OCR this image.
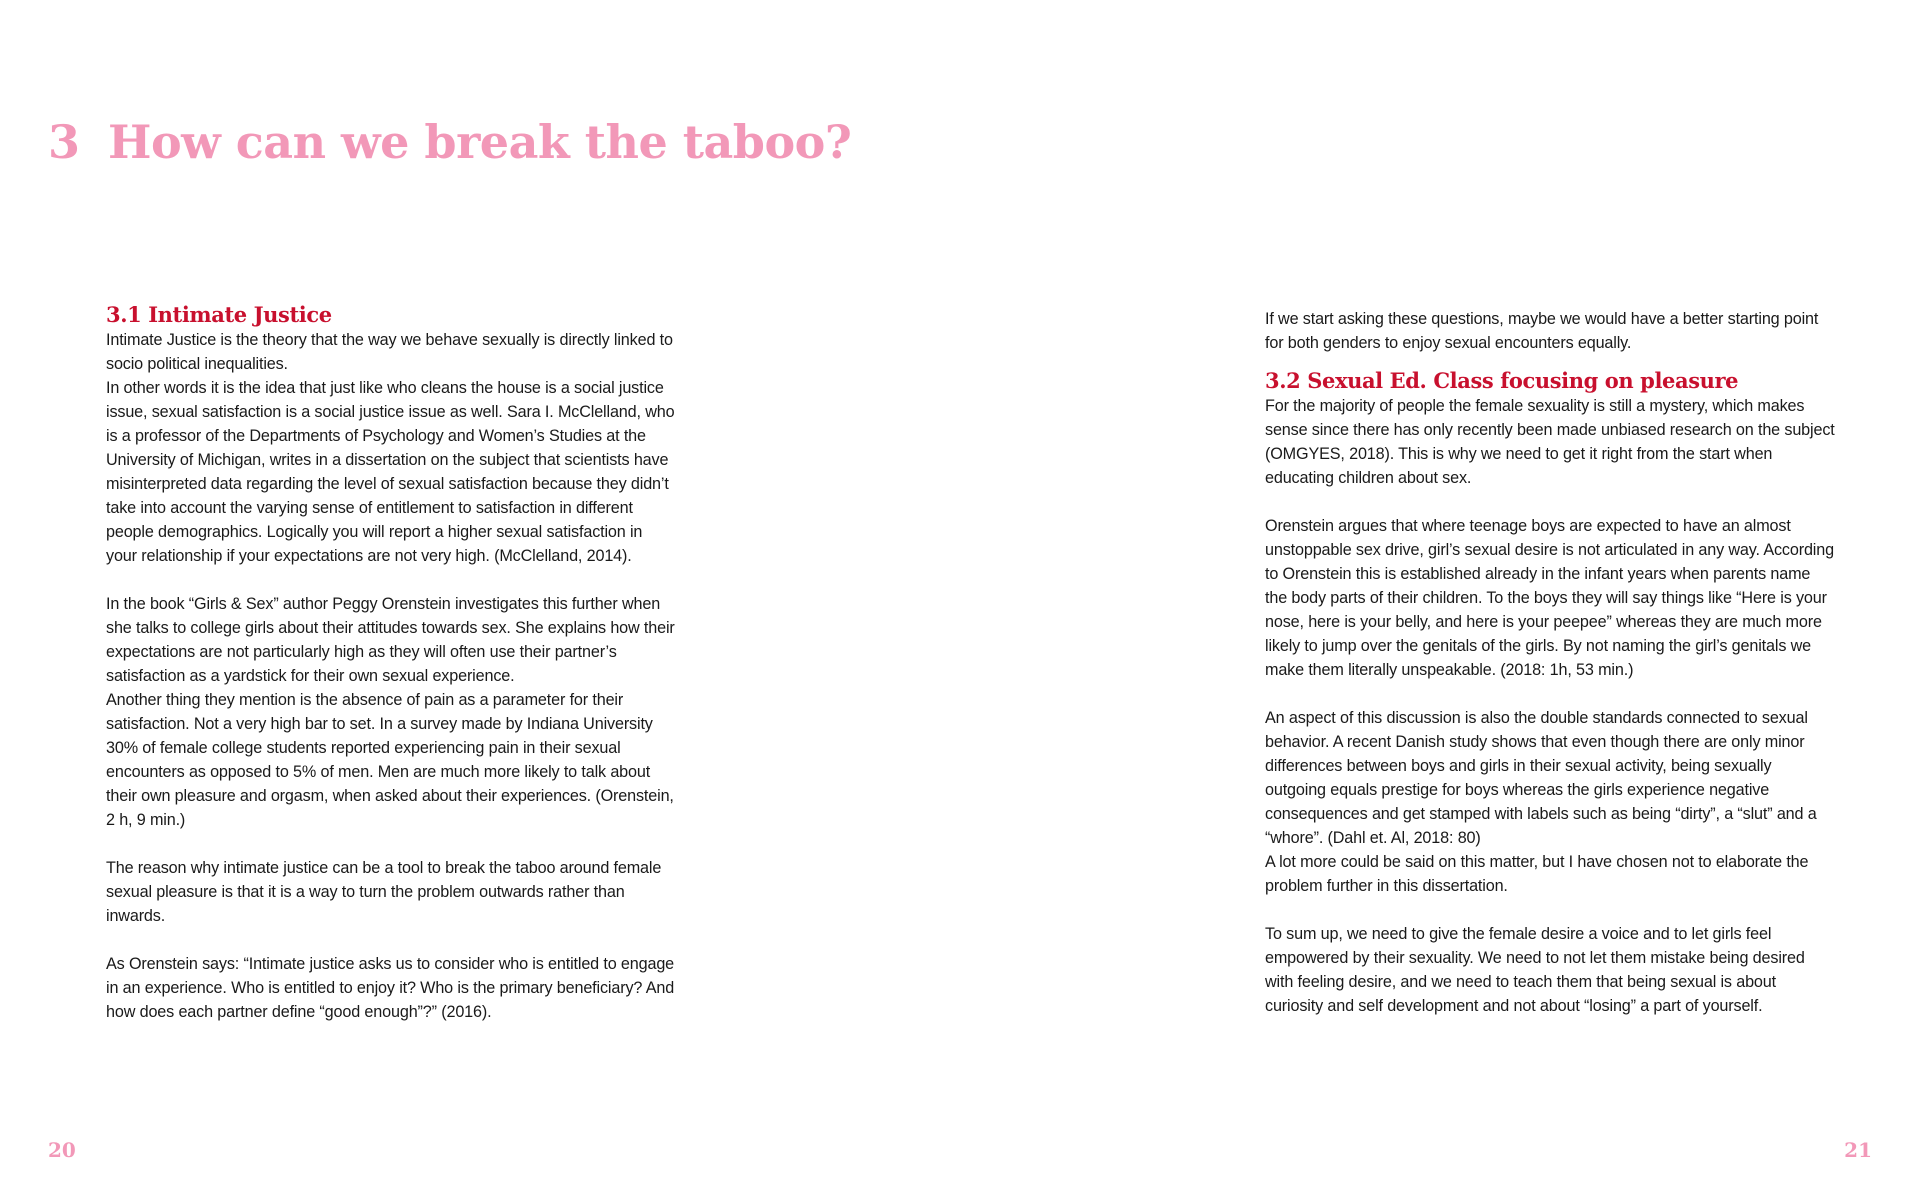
3 How can we break the taboo?
3.1 Intimate Justice

Intimate Justice is the theory that the way we behave sexually is directly linked to socio political inequalities.

In other words it is the idea that just like who cleans the house is a social justice issue, sexual satisfaction is a social justice issue as well. Sara I. McClelland, who is a professor of the Departments of Psychology and Women’s Studies at the University of Michigan, writes in a dissertation on the subject that scientists have misinterpreted data regarding the level of sexual satisfaction because they didn’t take into account the varying sense of entitlement to satisfaction in different people demographics. Logically you will report a higher sexual satisfaction in your relationship if your expectations are not very high. (McClelland, 2014).

In the book “Girls & Sex” author Peggy Orenstein investigates this further when she talks to college girls about their attitudes towards sex. She explains how their expectations are not particularly high as they will often use their partner’s satisfaction as a yardstick for their own sexual experience.

Another thing they mention is the absence of pain as a parameter for their satisfaction. Not a very high bar to set. In a survey made by Indiana University 30% of female college students reported experiencing pain in their sexual encounters as opposed to 5% of men. Men are much more likely to talk about their own pleasure and orgasm, when asked about their experiences. (Orenstein, 2 h, 9 min.)

The reason why intimate justice can be a tool to break the taboo around female sexual pleasure is that it is a way to turn the problem outwards rather than inwards.

As Orenstein says: “Intimate justice asks us to consider who is entitled to engage in an experience. Who is entitled to enjoy it? Who is the primary beneficiary? And how does each partner define “good enough”?” (2016).

If we start asking these questions, maybe we would have a better starting point for both genders to enjoy sexual encounters equally.

3.2 Sexual Ed. Class focusing on pleasure

For the majority of people the female sexuality is still a mystery, which makes sense since there has only recently been made unbiased research on the subject (OMGYES, 2018). This is why we need to get it right from the start when educating children about sex.

Orenstein argues that where teenage boys are expected to have an almost unstoppable sex drive, girl’s sexual desire is not articulated in any way. According to Orenstein this is established already in the infant years when parents name the body parts of their children. To the boys they will say things like “Here is your nose, here is your belly, and here is your peepee” whereas they are much more likely to jump over the genitals of the girls. By not naming the girl’s genitals we make them literally unspeakable. (2018: 1h, 53 min.)

An aspect of this discussion is also the double standards connected to sexual behavior. A recent Danish study shows that even though there are only minor differences between boys and girls in their sexual activity, being sexually outgoing equals prestige for boys whereas the girls experience negative consequences and get stamped with labels such as being “dirty”, a “slut” and a “whore”. (Dahl et. Al, 2018: 80)

A lot more could be said on this matter, but I have chosen not to elaborate the problem further in this dissertation.

To sum up, we need to give the female desire a voice and to let girls feel empowered by their sexuality. We need to not let them mistake being desired with feeling desire, and we need to teach them that being sexual is about curiosity and self development and not about “losing” a part of yourself.

20	21
